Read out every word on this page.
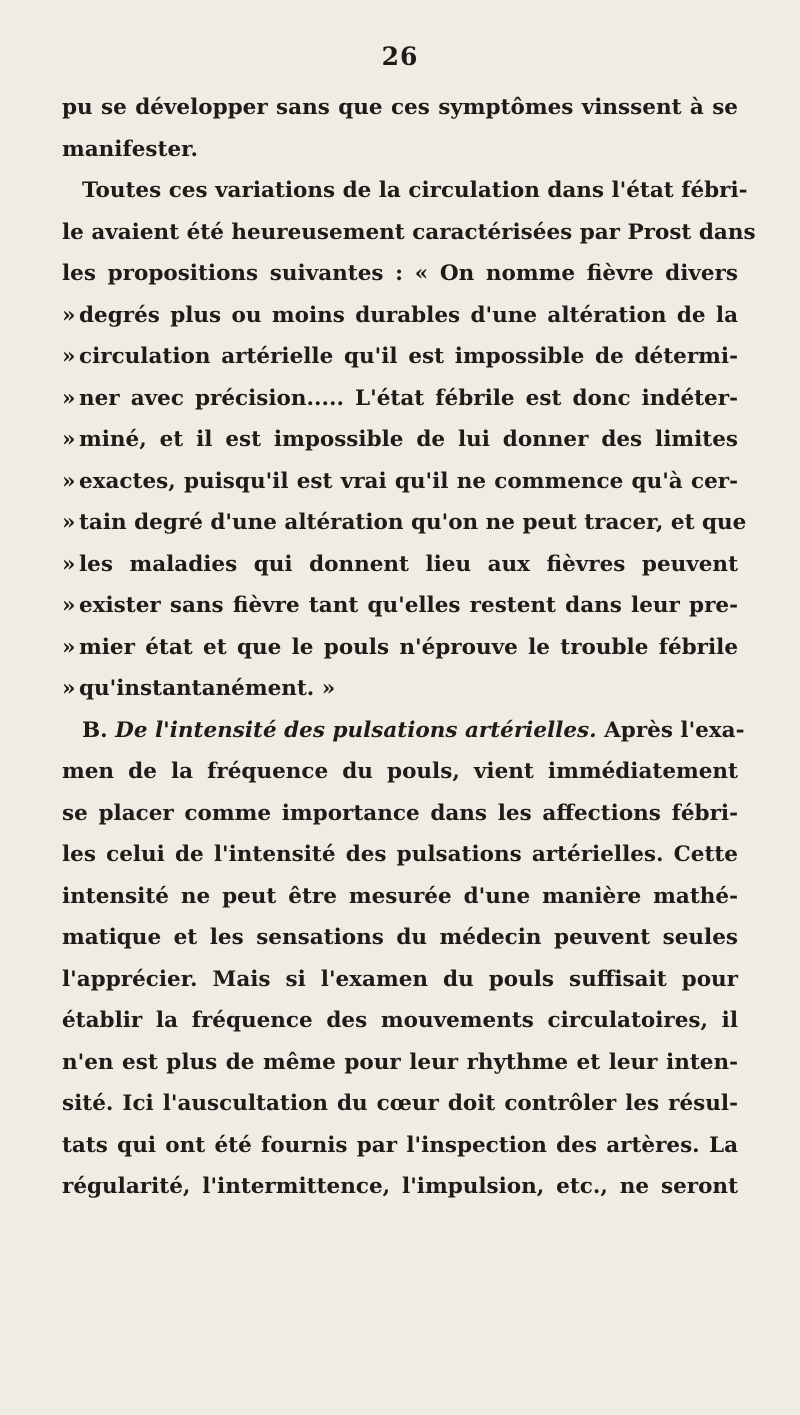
26
pu se développer sans que ces symptômes vinssent à se
manifester.
Toutes ces variations de la circulation dans l'état fébri-
le avaient été heureusement caractérisées par Prost dans
les propositions suivantes : « On nomme fièvre divers
» degrés plus ou moins durables d'une altération de la
» circulation artérielle qu'il est impossible de détermi-
» ner avec précision..... L'état fébrile est donc indéter-
» miné, et il est impossible de lui donner des limites
» exactes, puisqu'il est vrai qu'il ne commence qu'à cer-
» tain degré d'une altération qu'on ne peut tracer, et que
» les maladies qui donnent lieu aux fièvres peuvent
» exister sans fièvre tant qu'elles restent dans leur pre-
» mier état et que le pouls n'éprouve le trouble fébrile
» qu'instantanément. »
B. De l'intensité des pulsations artérielles. Après l'exa-
men de la fréquence du pouls, vient immédiatement
se placer comme importance dans les affections fébri-
les celui de l'intensité des pulsations artérielles. Cette
intensité ne peut être mesurée d'une manière mathé-
matique et les sensations du médecin peuvent seules
l'apprécier. Mais si l'examen du pouls suffisait pour
établir la fréquence des mouvements circulatoires, il
n'en est plus de même pour leur rhythme et leur inten-
sité. Ici l'auscultation du cœur doit contrôler les résul-
tats qui ont été fournis par l'inspection des artères. La
régularité, l'intermittence, l'impulsion, etc., ne seront
